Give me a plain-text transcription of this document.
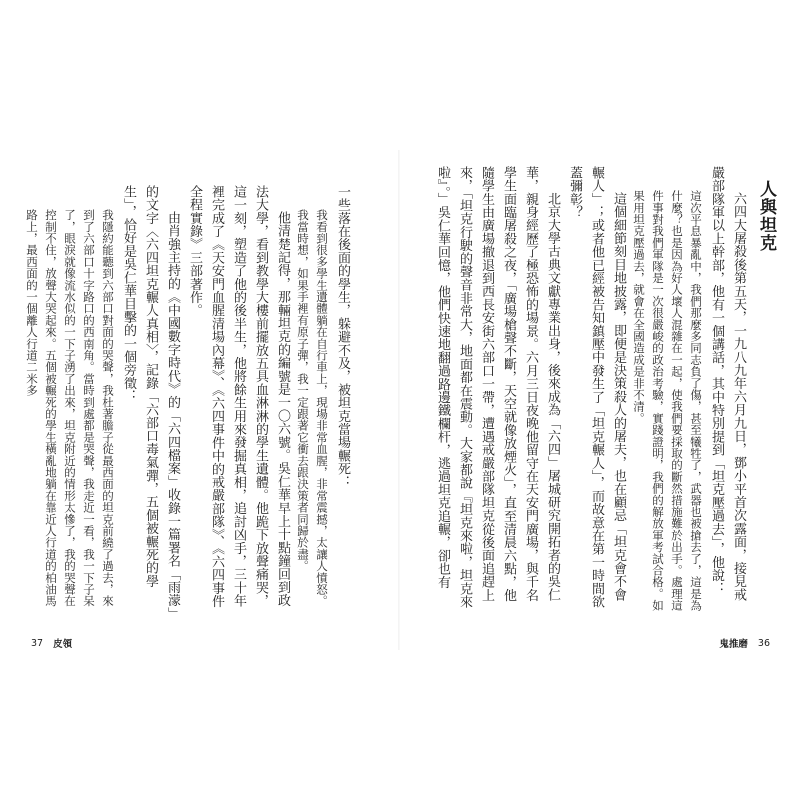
一些落在後面的學生，躲避不及，被坦克當場輾死：

我看到很多學生遺體躺在自行車上，現場非常血腥，非常震撼，太讓人憤怒。我當時想，如果手裡有原子彈，我一定跟著它衝去跟決策者同歸於盡。

他清楚記得，那輛坦克的編號是一〇六號。吳仁華早上十點鐘回到政法大學，看到教學大樓前擺放五具血淋淋的學生遺體。他跪下放聲痛哭，這一刻，塑造了他的後半生，他將餘生用來發掘真相，追討凶手，三十年裡完成了《天安門血腥清場內幕》、《六四事件中的戒嚴部隊》、《六四事件全程實錄》三部著作。

由肖強主持的《中國數字時代》的「六四檔案」收錄一篇署名「雨濛」的文字〈六四坦克輾人真相〉，記錄「六部口毒氣彈，五個被輾死的學生」，恰好是吳仁華目擊的一個旁徵：

我隱約能聽到六部口對面的哭聲，我杜著膽子從最西面的坦克前繞了過去，來到了六部口十字路口的西南角。當時到處都是哭聲，我走近一看，我一下子呆了，眼淚就像流水似的一下子湧了出來，坦克附近的情形太慘了，我的哭聲在控制不住，放聲大哭起來。五個被輾死的學生橫亂地躺在靠近人行道的柏油馬路上，最西面的一個離人行道二米多

37 皮領
人與坦克

六四大屠殺後第五天，一九八九年六月九日，鄧小平首次露面，接見戒嚴部隊軍以上幹部，他有一個講話，其中特別提到「坦克壓過去」，他說：

這次平息暴亂中，我們那麼多同志負了傷，甚至犧牲了，武器也被搶去了，這是為什麼？也是因為好人壞人混雜在一起，使我們要採取的斷然措施難於出手。處理這件事對我們軍隊是一次很嚴峻的政治考驗，實踐證明，我們的解放軍考試合格。如果用坦克壓過去，就會在全國造成是非不清。

這個細節刻目地披露，即便是決策殺人的屠夫，也在顧忌「坦克會不會輾人」；或者他已經被告知鎮壓中發生了「坦克輾人」，而故意在第一時間欲蓋彌彰？

北京大學古典文獻專業出身，後來成為「六四」屠城研究開拓者的吳仁華，親身經歷了極恐怖的場景。六月三日夜晚他留守在天安門廣場，與千名學生面臨屠殺之夜，「廣場槍聲不斷，天空就像放煙火」，直至清晨六點，他隨學生由廣場撤退到西長安街六部口一帶，遭遇戒嚴部隊坦克從後面追趕上來，「坦克行駛的聲音非常大，地面都在震動。大家都說『坦克來啦，坦克來啦』。」吳仁華回憶，他們快速地翻過路邊鐵欄杆，逃過坦克追輾，卻也有

鬼推磨 36
